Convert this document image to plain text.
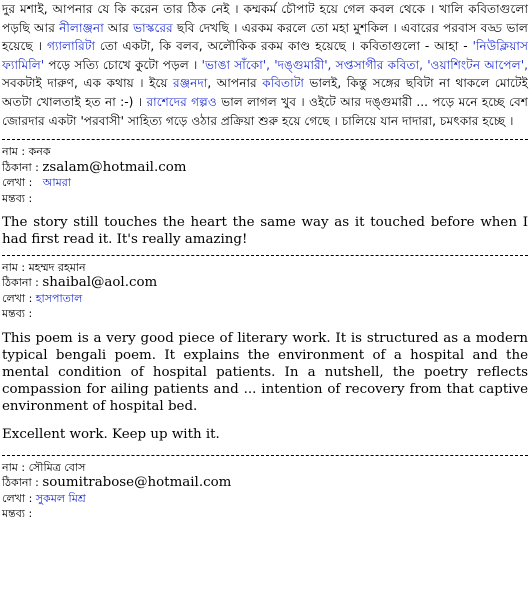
দুর মশাই, আপনার যে কি করেন তার ঠিক নেই । কম্মকর্ম চৌপাট হয়ে গেল কবল থেকে । খালি কবিতাগুলো পড়ছি আর নীলাঞ্জনা আর ভাস্করের ছবি দেখছি । এরকম করলে তো মহা মুশকিল । এবারের পরবাস বড্ড ভাল হয়েছে । গ্যালারিটা তো একটা, কি বলব, অলৌকিক রকম কাণ্ড হয়েছে । কবিতাগুলো - আহা - 'নিউক্লিয়াস ফ্যামিলি' পড়ে সত্যি চোখে কুটো পড়ল । 'ভাঙা সাঁকো', 'দঙ্গুমারী', সপ্তসাগীর কবিতা, 'ওয়াশিংটন আপেল', সবকটাই দারুণ, এক কথায় । ইয়ে রঞ্জনদা, আপনার কবিতাটা ভালই, কিন্তু সঙ্গের ছবিটা না থাকলে মোটেই অতটা খোলতাই হত না :-) । রাশেদের গল্পও ভাল লাগল খুব । ওইটে আর দঙ্গুমারী ... পড়ে মনে হচ্ছে বেশ জোরদার একটা 'পরবাসী' সাহিত্য গড়ে ওঠার প্রক্রিয়া শুরু হয়ে গেছে । চালিয়ে যান দাদারা, চমৎকার হচ্ছে ।

নাম : কনক

ঠিকানা : zsalam@hotmail.com

লেখা : আমরা

মন্তব্য :

The story still touches the heart the same way as it touched before when I had first read it. It's really amazing!

নাম : মহম্মদ রহমান

ঠিকানা : shaibal@aol.com

লেখা : হাসপাতাল

মন্তব্য :

This poem is a very good piece of literary work. It is structured as a modern typical bengali poem. It explains the environment of a hospital and the mental condition of hospital patients. In a nutshell, the poetry reflects compassion for ailing patients and ... intention of recovery from that captive environment of hospital bed.

Excellent work. Keep up with it.

নাম : সৌমিত্র বোস

ঠিকানা : soumitrabose@hotmail.com

লেখা : সুকমল মিশ্র

মন্তব্য :
